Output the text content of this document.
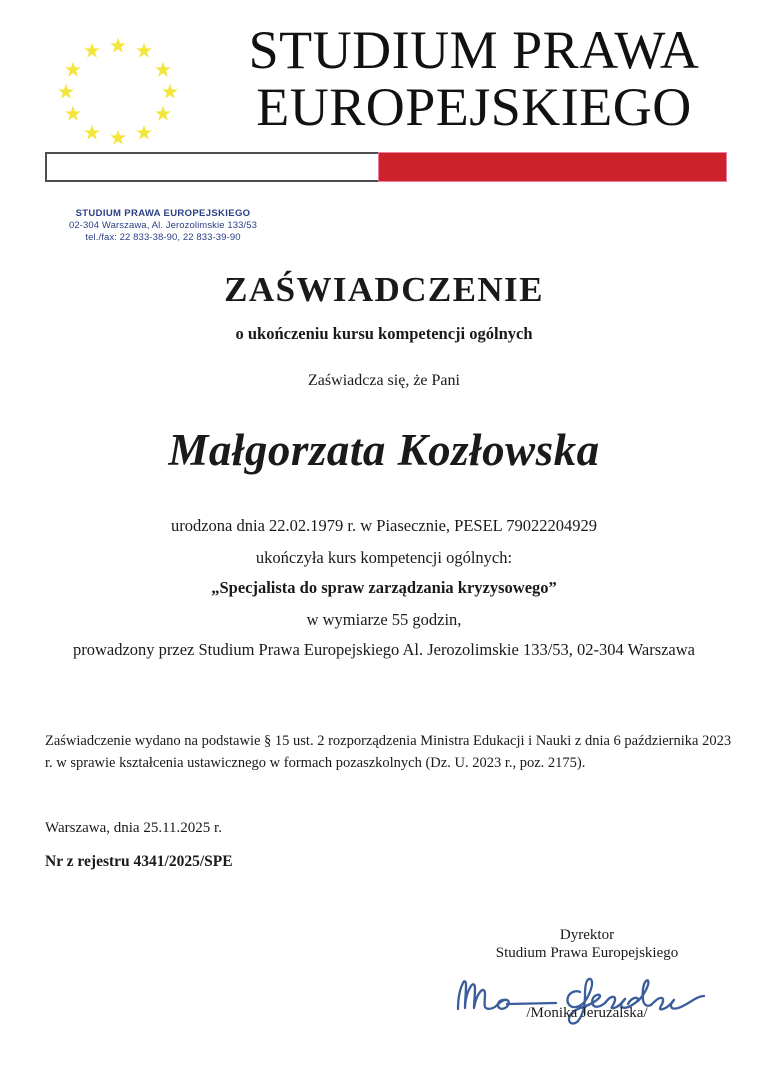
STUDIUM PRAWA
EUROPEJSKIEGO
STUDIUM PRAWA EUROPEJSKIEGO
02-304 Warszawa, Al. Jerozolimskie 133/53
tel./fax: 22 833-38-90, 22 833-39-90
ZAŚWIADCZENIE
o ukończeniu kursu kompetencji ogólnych
Zaświadcza się, że Pani
Małgorzata Kozłowska
urodzona dnia 22.02.1979 r. w Piasecznie, PESEL 79022204929
ukończyła kurs kompetencji ogólnych:
„Specjalista do spraw zarządzania kryzysowego”
w wymiarze 55 godzin,
prowadzony przez Studium Prawa Europejskiego Al. Jerozolimskie 133/53, 02-304 Warszawa
Zaświadczenie wydano na podstawie § 15 ust. 2 rozporządzenia Ministra Edukacji i Nauki z dnia 6 października 2023 r. w sprawie kształcenia ustawicznego w formach pozaszkolnych (Dz. U. 2023 r., poz. 2175).
Warszawa, dnia 25.11.2025 r.
Nr z rejestru 4341/2025/SPE
Dyrektor
Studium Prawa Europejskiego
/Monika Jeruzalska/
